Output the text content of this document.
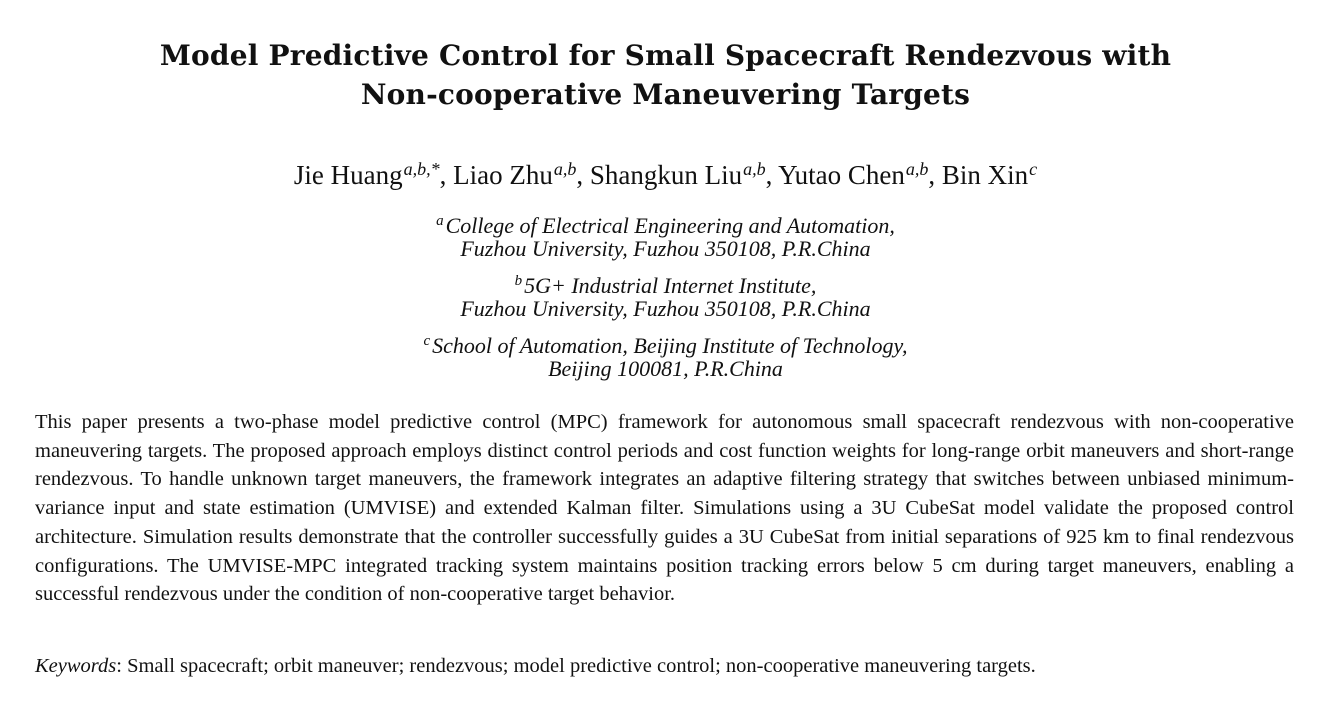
Model Predictive Control for Small Spacecraft Rendezvous with
Non-cooperative Maneuvering Targets
Jie Huang$^{a,b,*}$, Liao Zhu$^{a,b}$, Shangkun Liu$^{a,b}$, Yutao Chen$^{a,b}$, Bin Xin$^c$
$^a$College of Electrical Engineering and Automation,
Fuzhou University, Fuzhou 350108, P.R.China
$^b$5G+ Industrial Internet Institute,
Fuzhou University, Fuzhou 350108, P.R.China
$^c$School of Automation, Beijing Institute of Technology,
Beijing 100081, P.R.China

This paper presents a two-phase model predictive control (MPC) framework for autonomous small spacecraft rendezvous with non-cooperative maneuvering targets. The proposed approach employs distinct control periods and cost function weights for long-range orbit maneuvers and short-range rendezvous. To handle unknown target maneuvers, the framework integrates an adaptive filtering strategy that switches between unbiased minimum-variance input and state estimation (UMVISE) and extended Kalman filter. Simulations using a 3U CubeSat model validate the proposed control architecture. Simulation results demonstrate that the controller successfully guides a 3U CubeSat from initial separations of 925 km to final rendezvous configurations. The UMVISE-MPC integrated tracking system maintains position tracking errors below 5 cm during target maneuvers, enabling a successful rendezvous under the condition of non-cooperative target behavior.

Keywords: Small spacecraft; orbit maneuver; rendezvous; model predictive control; non-cooperative maneuvering targets.
